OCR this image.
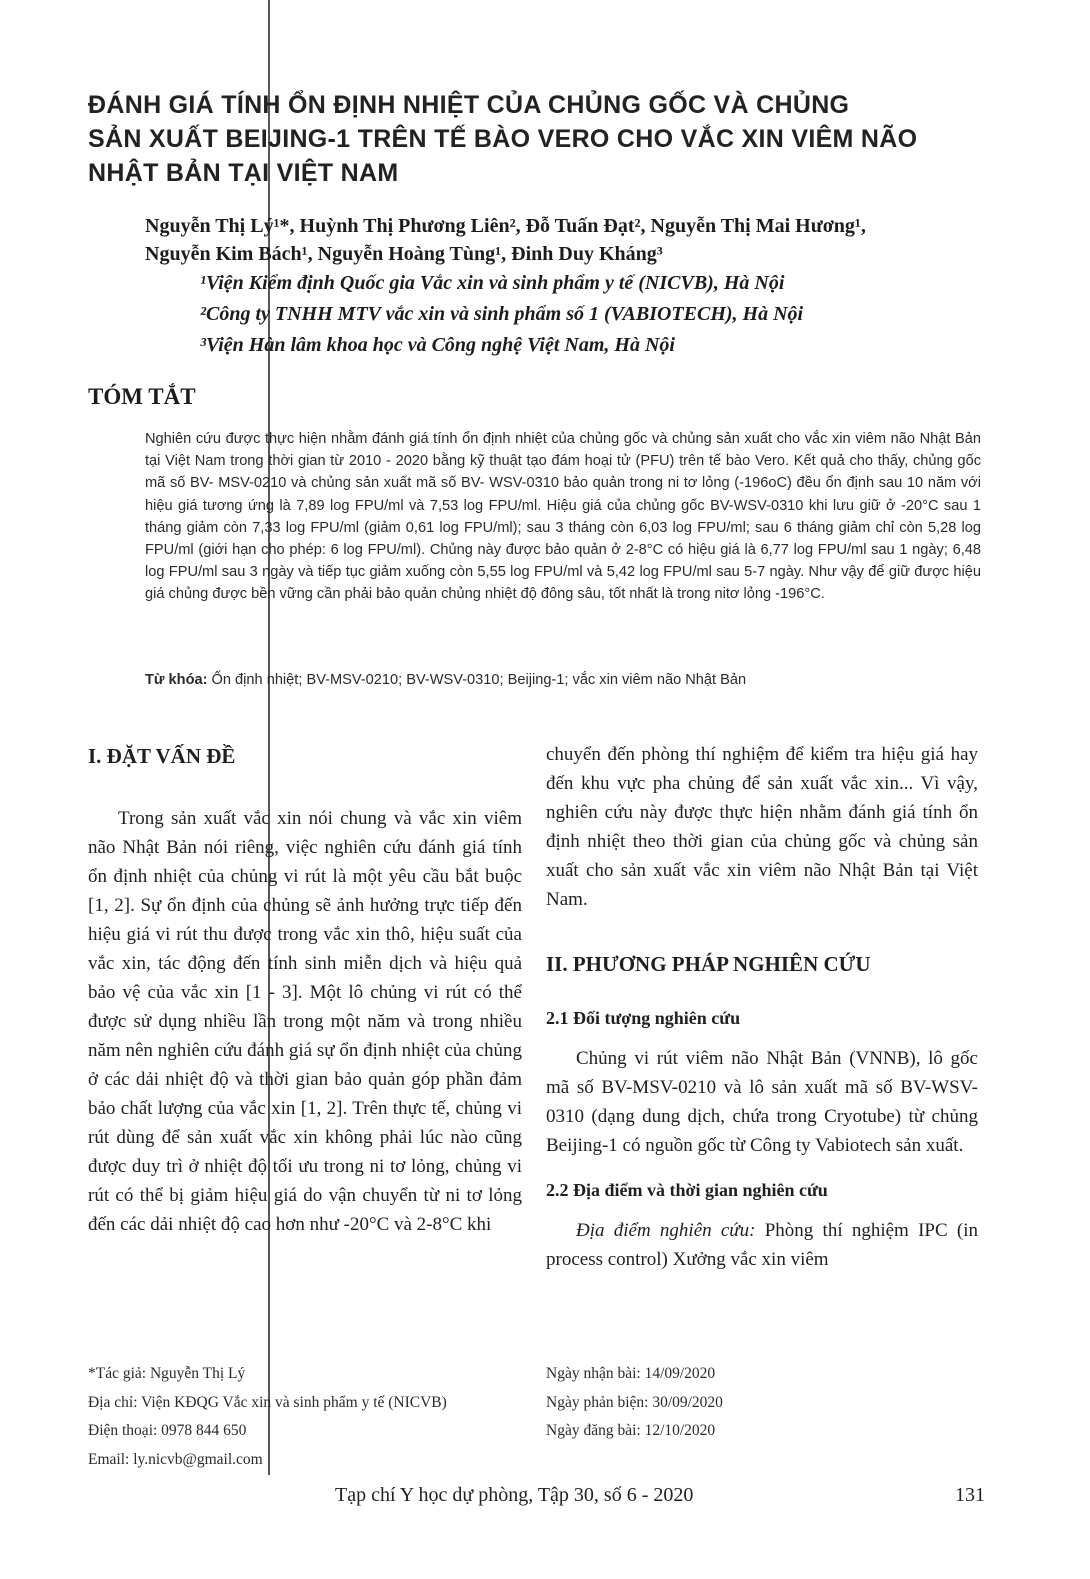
ĐÁNH GIÁ TÍNH ỔN ĐỊNH NHIỆT CỦA CHỦNG GỐC VÀ CHỦNG
SẢN XUẤT BEIJING-1 TRÊN TẾ BÀO VERO CHO VẮC XIN VIÊM NÃO
NHẬT BẢN TẠI VIỆT NAM
Nguyễn Thị Lý¹*, Huỳnh Thị Phương Liên², Đỗ Tuấn Đạt², Nguyễn Thị Mai Hương¹,
Nguyễn Kim Bách¹, Nguyễn Hoàng Tùng¹, Đinh Duy Kháng³
¹Viện Kiểm định Quốc gia Vắc xin và sinh phẩm y tế (NICVB), Hà Nội
²Công ty TNHH MTV vắc xin và sinh phẩm số 1 (VABIOTECH), Hà Nội
³Viện Hàn lâm khoa học và Công nghệ Việt Nam, Hà Nội
TÓM TẮT
Nghiên cứu được thực hiện nhằm đánh giá tính ổn định nhiệt của chủng gốc và chủng sản xuất cho vắc xin viêm não Nhật Bản tại Việt Nam trong thời gian từ 2010 - 2020 bằng kỹ thuật tạo đám hoại tử (PFU) trên tế bào Vero. Kết quả cho thấy, chủng gốc mã số BV- MSV-0210 và chủng sản xuất mã số BV- WSV-0310 bảo quản trong ni tơ lỏng (-196oC) đều ổn định sau 10 năm với hiệu giá tương ứng là 7,89 log FPU/ml và 7,53 log FPU/ml. Hiệu giá của chủng gốc BV-WSV-0310 khi lưu giữ ở -20°C sau 1 tháng giảm còn 7,33 log FPU/ml (giảm 0,61 log FPU/ml); sau 3 tháng còn 6,03 log FPU/ml; sau 6 tháng giảm chỉ còn 5,28 log FPU/ml (giới hạn cho phép: 6 log FPU/ml). Chủng này được bảo quản ở 2-8°C có hiệu giá là 6,77 log FPU/ml sau 1 ngày; 6,48 log FPU/ml sau 3 ngày và tiếp tục giảm xuống còn 5,55 log FPU/ml và 5,42 log FPU/ml sau 5-7 ngày. Như vậy để giữ được hiệu giá chủng được bền vững cần phải bảo quản chủng nhiệt độ đông sâu, tốt nhất là trong nitơ lỏng -196°C.
Từ khóa: Ổn định nhiệt; BV-MSV-0210; BV-WSV-0310; Beijing-1; vắc xin viêm não Nhật Bản
I. ĐẶT VẤN ĐỀ

Trong sản xuất vắc xin nói chung và vắc xin viêm não Nhật Bản nói riêng, việc nghiên cứu đánh giá tính ổn định nhiệt của chủng vi rút là một yêu cầu bắt buộc [1, 2]. Sự ổn định của chủng sẽ ảnh hưởng trực tiếp đến hiệu giá vi rút thu được trong vắc xin thô, hiệu suất của vắc xin, tác động đến tính sinh miễn dịch và hiệu quả bảo vệ của vắc xin [1 - 3]. Một lô chủng vi rút có thể được sử dụng nhiều lần trong một năm và trong nhiều năm nên nghiên cứu đánh giá sự ổn định nhiệt của chủng ở các dải nhiệt độ và thời gian bảo quản góp phần đảm bảo chất lượng của vắc xin [1, 2]. Trên thực tế, chủng vi rút dùng để sản xuất vắc xin không phải lúc nào cũng được duy trì ở nhiệt độ tối ưu trong ni tơ lỏng, chủng vi rút có thể bị giảm hiệu giá do vận chuyển từ ni tơ lỏng đến các dải nhiệt độ cao hơn như -20°C và 2-8°C khi

chuyển đến phòng thí nghiệm để kiểm tra hiệu giá hay đến khu vực pha chủng để sản xuất vắc xin... Vì vậy, nghiên cứu này được thực hiện nhằm đánh giá tính ổn định nhiệt theo thời gian của chủng gốc và chủng sản xuất cho sản xuất vắc xin viêm não Nhật Bản tại Việt Nam.

II. PHƯƠNG PHÁP NGHIÊN CỨU
2.1 Đối tượng nghiên cứu

Chủng vi rút viêm não Nhật Bản (VNNB), lô gốc mã số BV-MSV-0210 và lô sản xuất mã số BV-WSV-0310 (dạng dung dịch, chứa trong Cryotube) từ chủng Beijing-1 có nguồn gốc từ Công ty Vabiotech sản xuất.

2.2 Địa điểm và thời gian nghiên cứu

Địa điểm nghiên cứu: Phòng thí nghiệm IPC (in process control) Xưởng vắc xin viêm

*Tác giả: Nguyễn Thị Lý
Địa chỉ: Viện KĐQG Vắc xin và sinh phẩm y tế (NICVB)
Điện thoại: 0978 844 650
Email: ly.nicvb@gmail.com
Ngày nhận bài: 14/09/2020
Ngày phản biện: 30/09/2020
Ngày đăng bài: 12/10/2020
Tạp chí Y học dự phòng, Tập 30, số 6 - 2020	131
